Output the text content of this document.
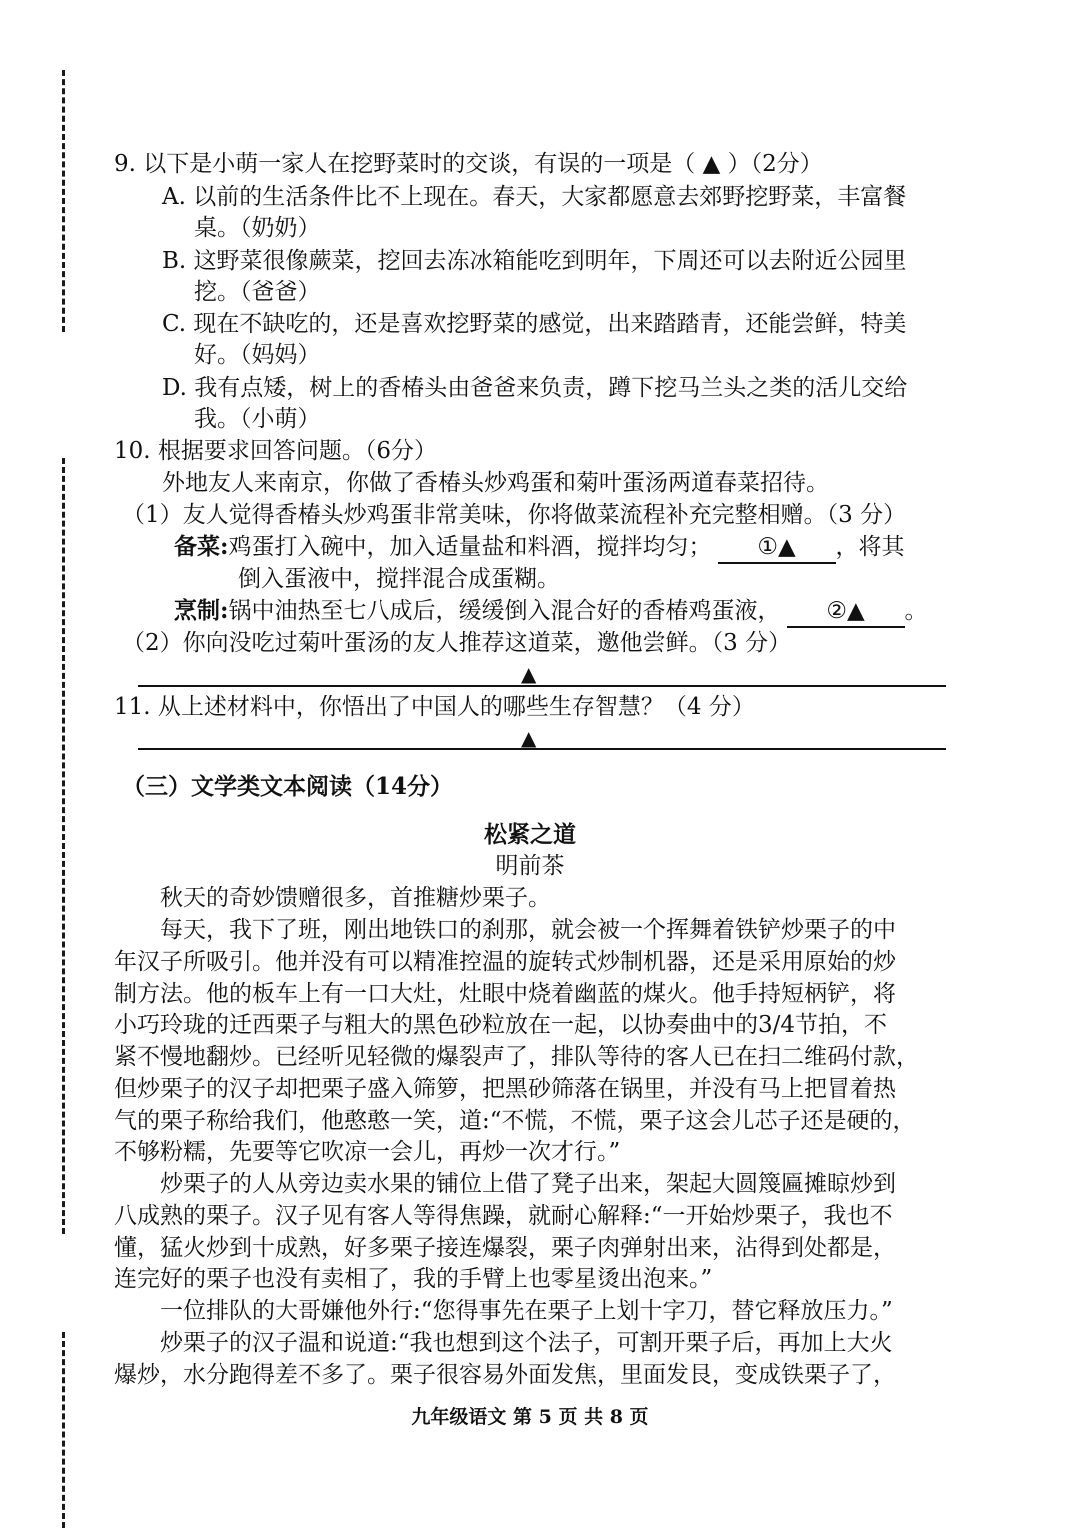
9. 以下是小萌一家人在挖野菜时的交谈，有误的一项是（ ▲ ）（2分）
A. 以前的生活条件比不上现在。春天，大家都愿意去郊野挖野菜，丰富餐
桌。（奶奶）
B. 这野菜很像蕨菜，挖回去冻冰箱能吃到明年，下周还可以去附近公园里
挖。（爸爸）
C. 现在不缺吃的，还是喜欢挖野菜的感觉，出来踏踏青，还能尝鲜，特美
好。（妈妈）
D. 我有点矮，树上的香椿头由爸爸来负责，蹲下挖马兰头之类的活儿交给
我。（小萌）
10. 根据要求回答问题。（6分）
外地友人来南京，你做了香椿头炒鸡蛋和菊叶蛋汤两道春菜招待。
（1）友人觉得香椿头炒鸡蛋非常美味，你将做菜流程补充完整相赠。（3 分）
备菜:鸡蛋打入碗中，加入适量盐和料酒，搅拌均匀； ①▲ ，将其
倒入蛋液中，搅拌混合成蛋糊。
烹制:锅中油热至七八成后，缓缓倒入混合好的香椿鸡蛋液， ②▲ 。
（2）你向没吃过菊叶蛋汤的友人推荐这道菜，邀他尝鲜。（3 分）
▲
11. 从上述材料中，你悟出了中国人的哪些生存智慧？（4 分）
▲
（三）文学类文本阅读（14分）
松紧之道
明前茶
　　秋天的奇妙馈赠很多，首推糖炒栗子。
　　每天，我下了班，刚出地铁口的刹那，就会被一个挥舞着铁铲炒栗子的中
年汉子所吸引。他并没有可以精准控温的旋转式炒制机器，还是采用原始的炒
制方法。他的板车上有一口大灶，灶眼中烧着幽蓝的煤火。他手持短柄铲，将
小巧玲珑的迁西栗子与粗大的黑色砂粒放在一起，以协奏曲中的3/4节拍，不
紧不慢地翻炒。已经听见轻微的爆裂声了，排队等待的客人已在扫二维码付款，
但炒栗子的汉子却把栗子盛入筛箩，把黑砂筛落在锅里，并没有马上把冒着热
气的栗子称给我们，他憨憨一笑，道:“不慌，不慌，栗子这会儿芯子还是硬的，
不够粉糯，先要等它吹凉一会儿，再炒一次才行。”
　　炒栗子的人从旁边卖水果的铺位上借了凳子出来，架起大圆篾匾摊晾炒到
八成熟的栗子。汉子见有客人等得焦躁，就耐心解释:“一开始炒栗子，我也不
懂，猛火炒到十成熟，好多栗子接连爆裂，栗子肉弹射出来，沾得到处都是，
连完好的栗子也没有卖相了，我的手臂上也零星烫出泡来。”
　　一位排队的大哥嫌他外行:“您得事先在栗子上划十字刀，替它释放压力。”
　　炒栗子的汉子温和说道:“我也想到这个法子，可割开栗子后，再加上大火
爆炒，水分跑得差不多了。栗子很容易外面发焦，里面发艮，变成铁栗子了，
九年级语文 第 5 页 共 8 页
